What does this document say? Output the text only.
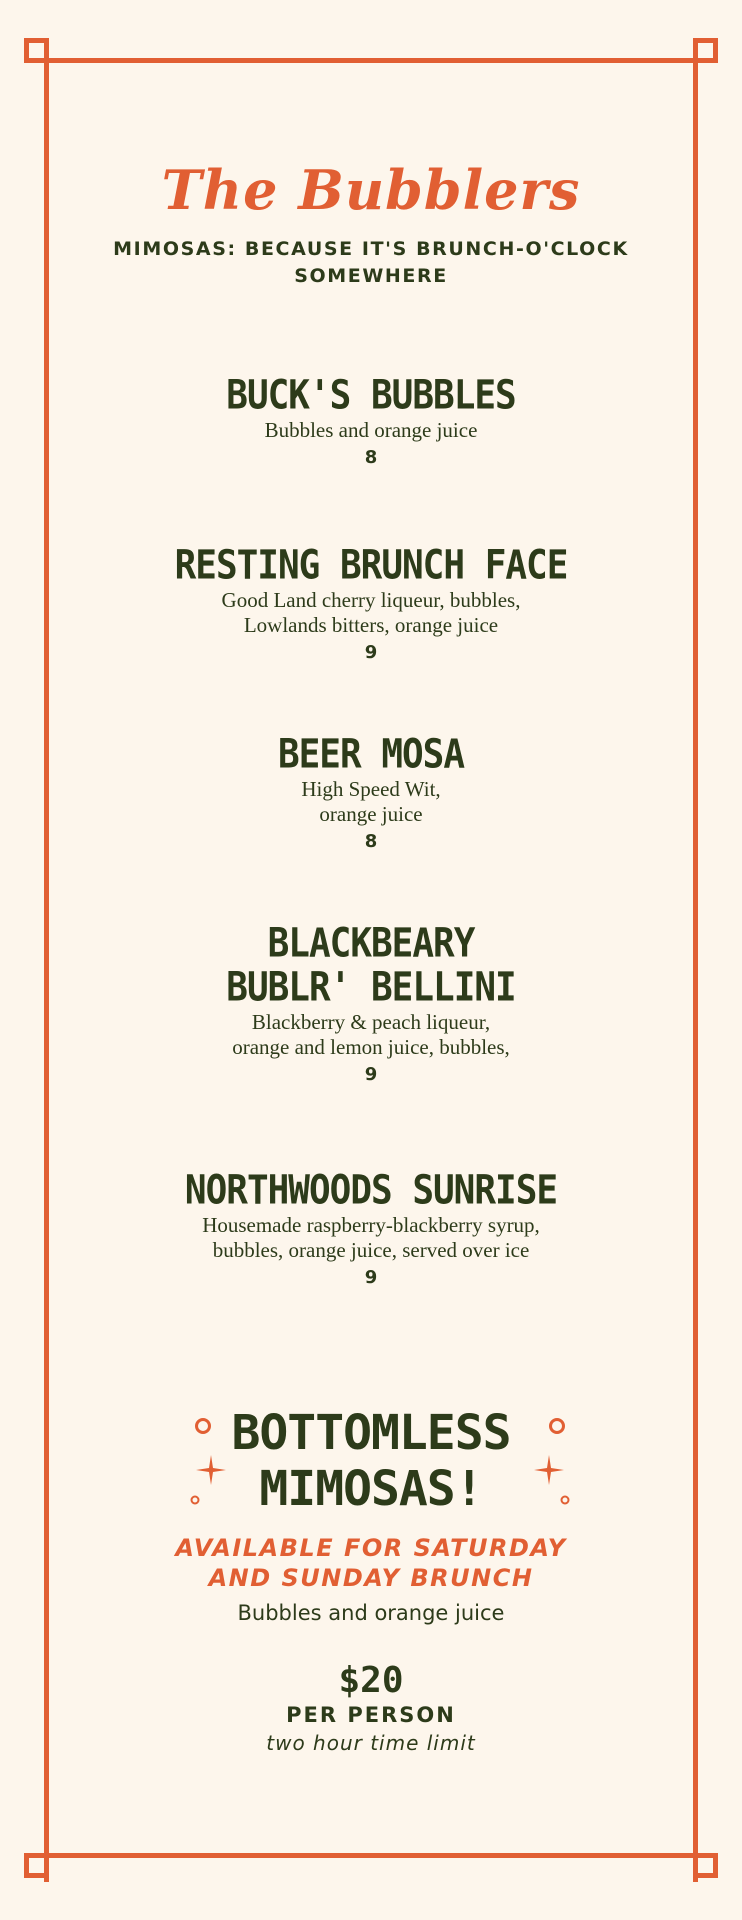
The Bubblers
MIMOSAS: BECAUSE IT'S BRUNCH-O'CLOCK SOMEWHERE
BUCK'S BUBBLES
Bubbles and orange juice
8
RESTING BRUNCH FACE
Good Land cherry liqueur, bubbles,
Lowlands bitters, orange juice
9
BEER MOSA
High Speed Wit,
orange juice
8
BLACKBEARY
BUBLR' BELLINI
Blackberry & peach liqueur,
orange and lemon juice, bubbles,
9
NORTHWOODS SUNRISE
Housemade raspberry-blackberry syrup,
bubbles, orange juice, served over ice
9
BOTTOMLESS
MIMOSAS!
AVAILABLE FOR SATURDAY
AND SUNDAY BRUNCH
Bubbles and orange juice
$20
PER PERSON
two hour time limit
